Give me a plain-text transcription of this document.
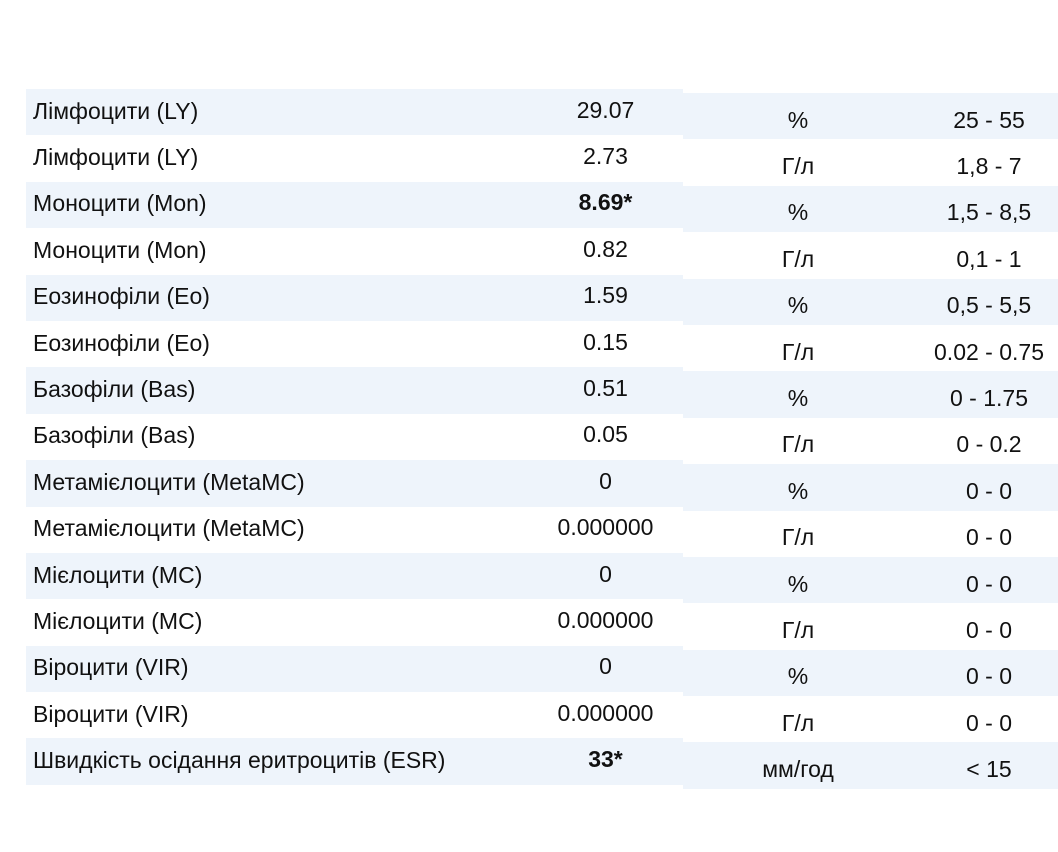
Лімфоцити (LY)	29.07	%	25 - 55
Лімфоцити (LY)	2.73	Г/л	1,8 - 7
Моноцити (Mon)	8.69*	%	1,5 - 8,5
Моноцити (Mon)	0.82	Г/л	0,1 - 1
Еозинофіли (Eo)	1.59	%	0,5 - 5,5
Еозинофіли (Eo)	0.15	Г/л	0.02 - 0.75
Базофіли (Bas)	0.51	%	0 - 1.75
Базофіли (Bas)	0.05	Г/л	0 - 0.2
Метамієлоцити (MetaMC)	0	%	0 - 0
Метамієлоцити (MetaMC)	0.000000	Г/л	0 - 0
Мієлоцити (MC)	0	%	0 - 0
Мієлоцити (MC)	0.000000	Г/л	0 - 0
Віроцити (VIR)	0	%	0 - 0
Віроцити (VIR)	0.000000	Г/л	0 - 0
Швидкість осідання еритроцитів (ESR)	33*	мм/год	< 15
